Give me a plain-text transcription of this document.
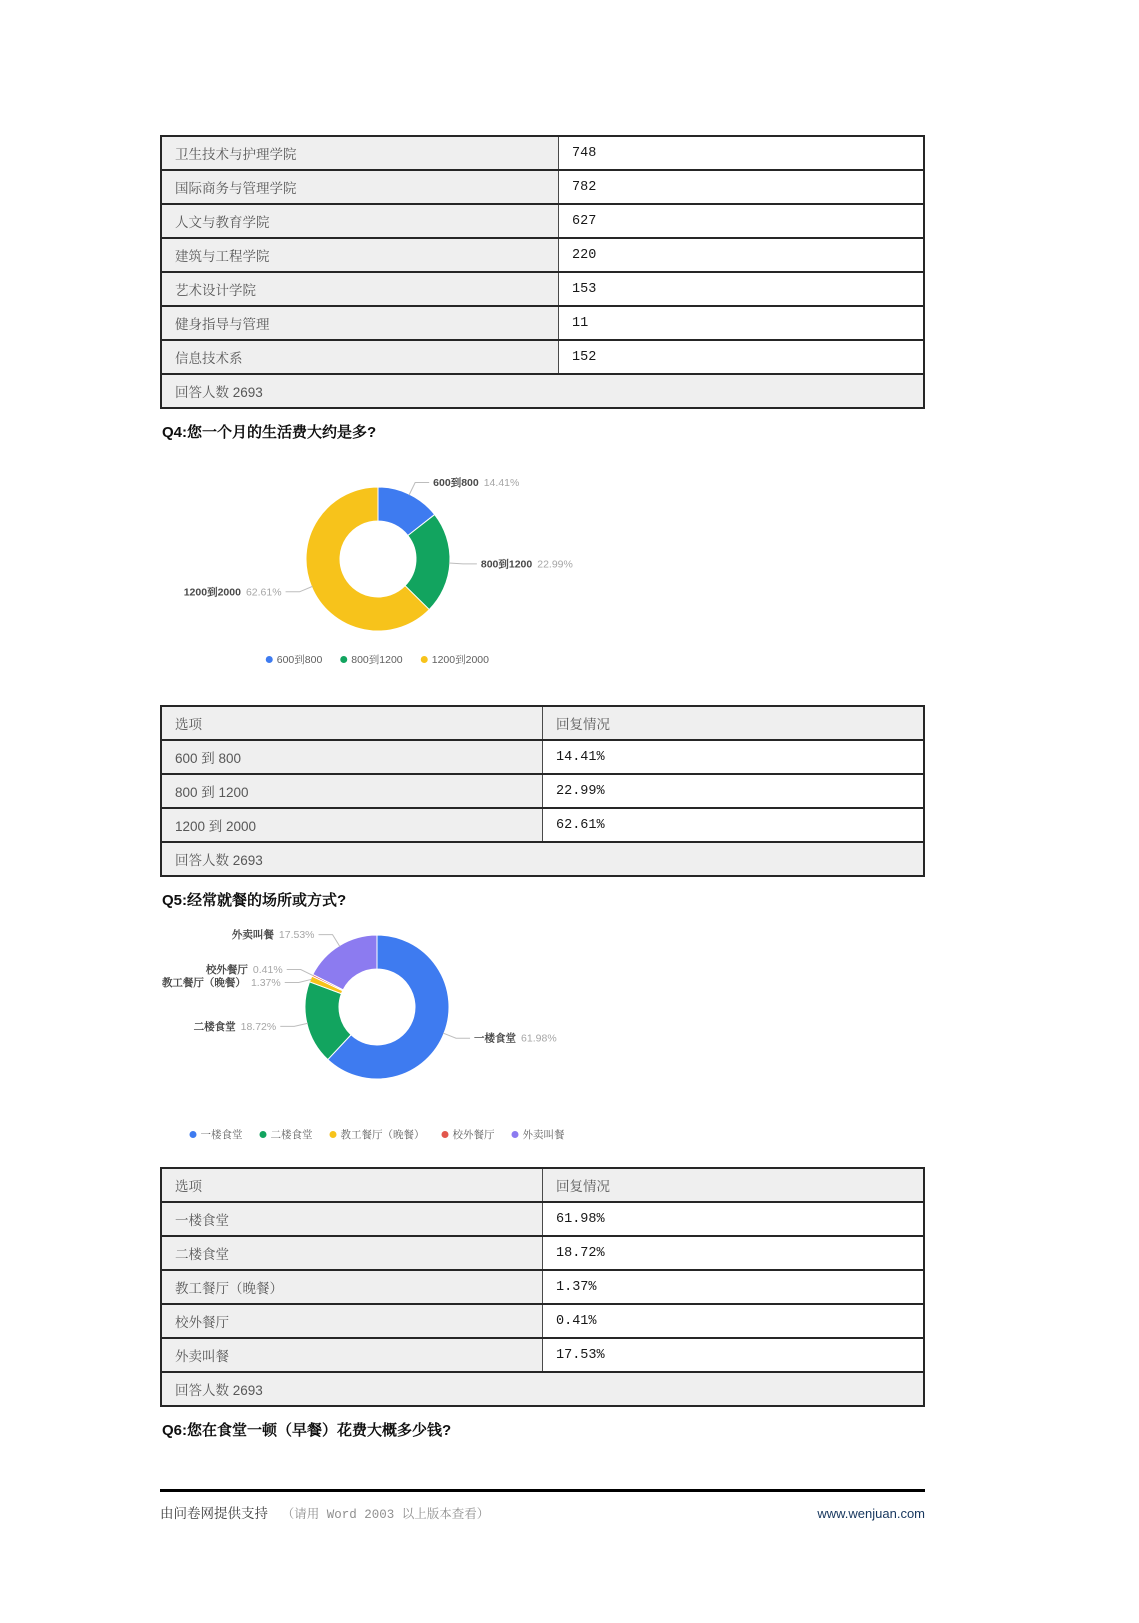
卫生技术与护理学院	748
国际商务与管理学院	782
人文与教育学院	627
建筑与工程学院	220
艺术设计学院	153
健身指导与管理	11
信息技术系	152
回答人数 2693	
Q4:您一个月的生活费大约是多?
600到800 14.41%
800到1200 22.99%
1200到2000 62.61%
600到800	800到1200	1200到2000
选项	回复情况
600 到 800	14.41%
800 到 1200	22.99%
1200 到 2000	62.61%
回答人数 2693	
Q5:经常就餐的场所或方式?
一楼食堂 61.98%
二楼食堂 18.72%
教工餐厅（晚餐） 1.37%
校外餐厅 0.41%
外卖叫餐 17.53%
一楼食堂	二楼食堂	教工餐厅（晚餐）	校外餐厅	外卖叫餐
选项	回复情况
一楼食堂	61.98%
二楼食堂	18.72%
教工餐厅（晚餐）	1.37%
校外餐厅	0.41%
外卖叫餐	17.53%
回答人数 2693	
Q6:您在食堂一顿（早餐）花费大概多少钱?
由问卷网提供支持 （请用 Word 2003 以上版本查看）	www.wenjuan.com
